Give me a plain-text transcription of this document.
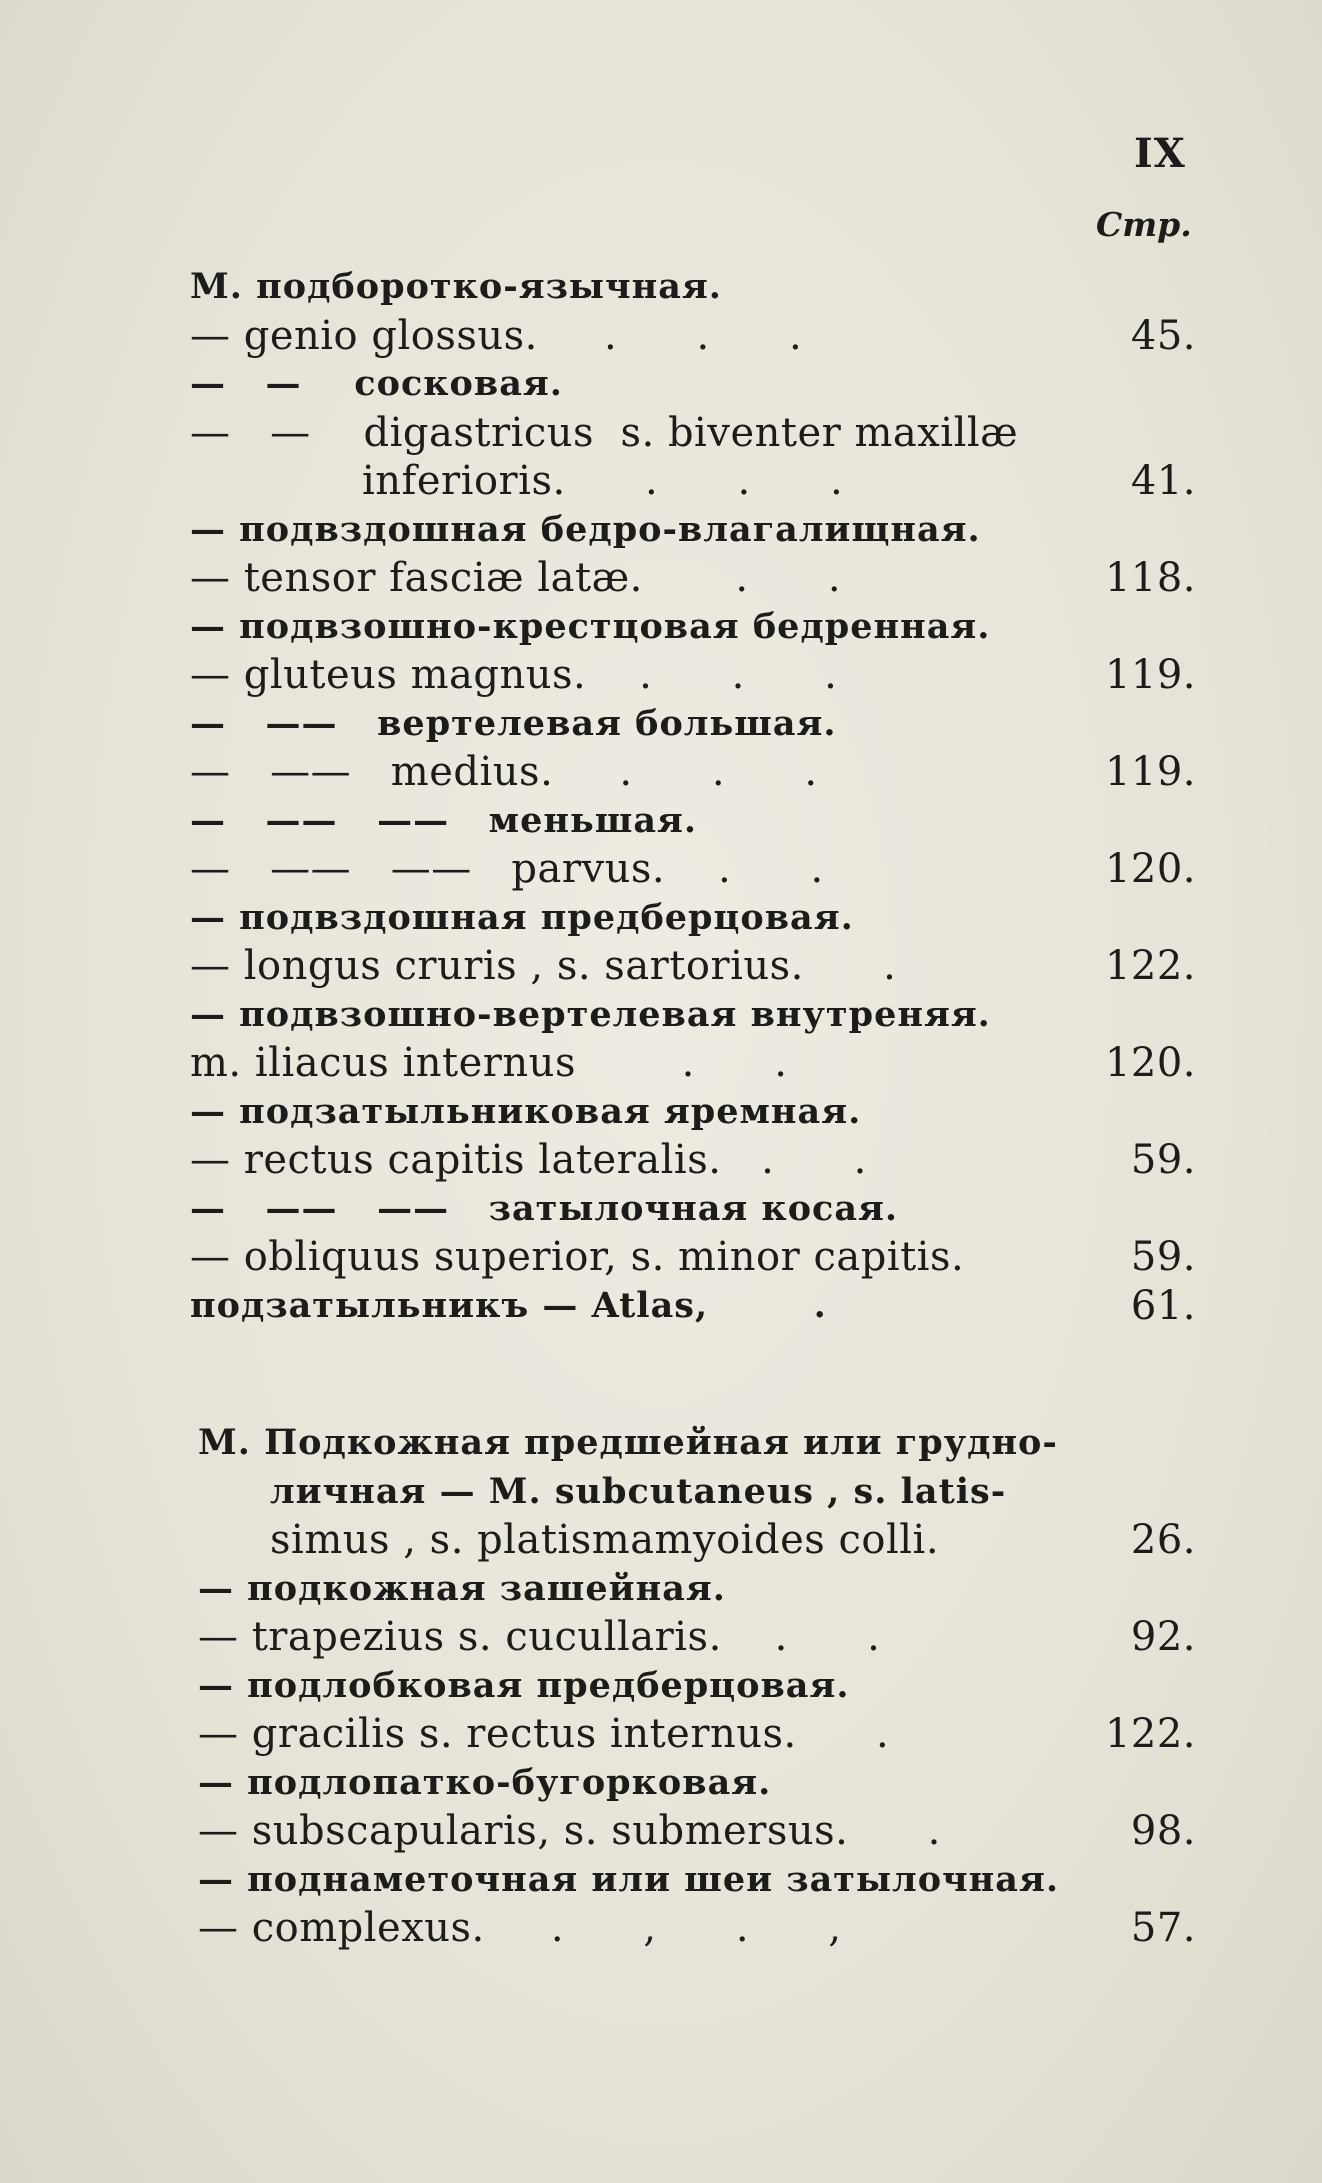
IX
Стр.
М. подборотко-язычная.
— genio glossus.     .      .      .	45.
—   —    сосковая.
—   —    digastricus  s. biventer maxillæ
inferioris.      .      .      .	41.
— подвздошная бедро-влагалищная.
— tensor fasciæ latæ.       .      .	118.
— подвзошно-крестцовая бедренная.
— gluteus magnus.    .      .      .	119.
—   ——   вертелевая большая.
—   ——   medius.     .      .      .	119.
—   ——   ——   меньшая.
—   ——   ——   parvus.    .      .	120.
— подвздошная предберцовая.
— longus cruris , s. sartorius.      .	122.
— подвзошно-вертелевая внутреняя.
m. iliacus internus        .      .	120.
— подзатыльниковая яремная.
— rectus capitis lateralis.   .      .	59.
—   ——   ——   затылочная косая.
— obliquus superior, s. minor capitis.	59.
подзатыльникъ — Atlas,        .	61.
М. Подкожная предшейная или грудно-
личная — M. subcutaneus , s. latis-
simus , s. platismamyoides colli.	26.
— подкожная зашейная.
— trapezius s. cucullaris.    .      .	92.
— подлобковая предберцовая.
— gracilis s. rectus internus.      .	122.
— подлопатко-бугорковая.
— subscapularis, s. submersus.      .	98.
— поднаметочная или шеи затылочная.
— complexus.     .      ,      .      ,	57.
